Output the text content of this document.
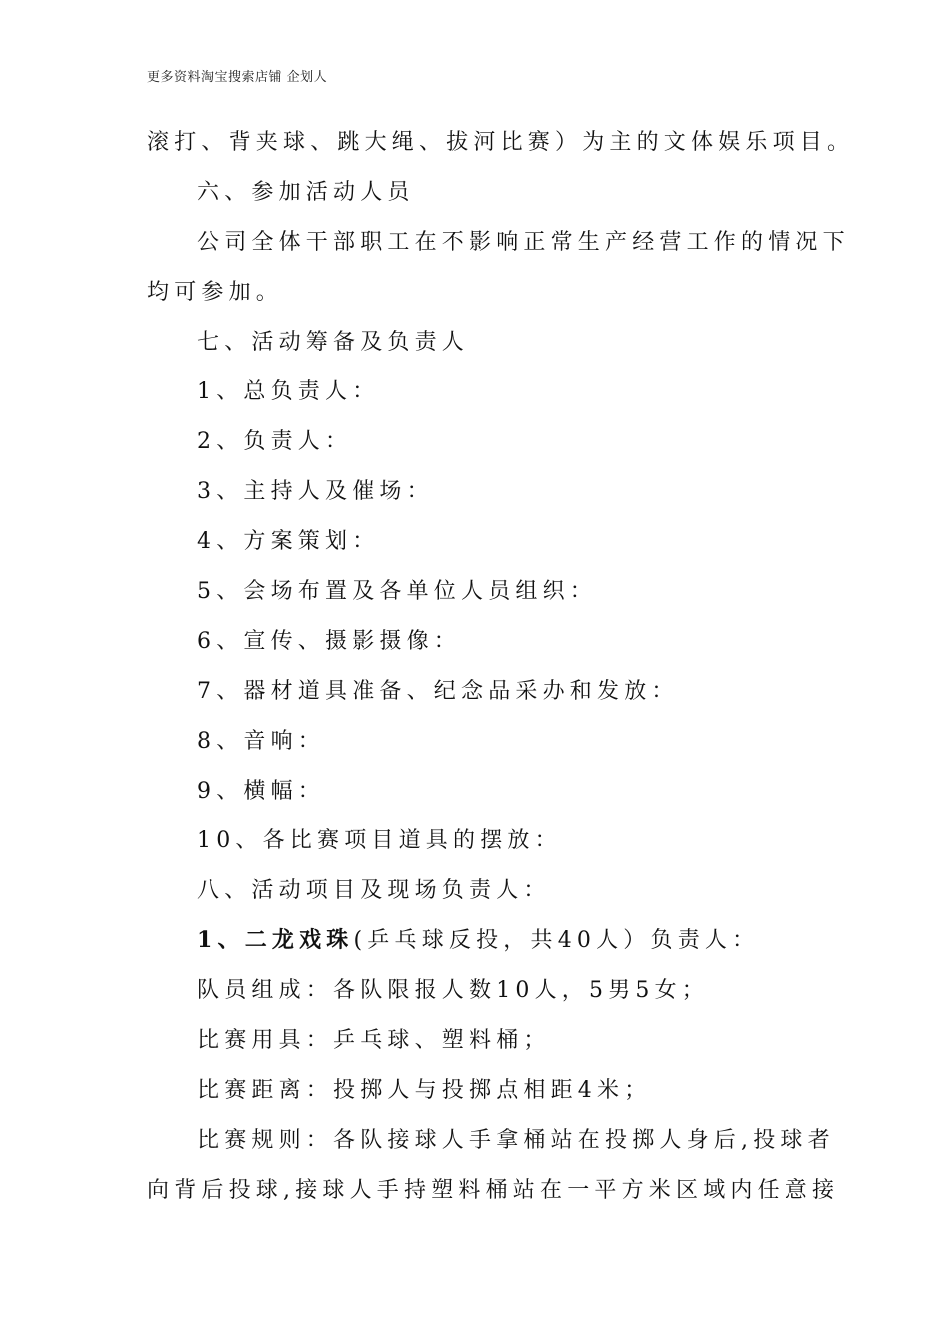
更多资料淘宝搜索店铺 企划人
滚打、背夹球、跳大绳、拔河比赛）为主的文体娱乐项目。
六、参加活动人员
公司全体干部职工在不影响正常生产经营工作的情况下
均可参加。
七、活动筹备及负责人
1、总负责人：
2、负责人：
3、主持人及催场：
4、方案策划：
5、会场布置及各单位人员组织：
6、宣传、摄影摄像：
7、器材道具准备、纪念品采办和发放：
8、音响：
9、横幅：
10、各比赛项目道具的摆放：
八、活动项目及现场负责人：
1、二龙戏珠(乒乓球反投，共40人）负责人：
队员组成：各队限报人数10人，5男5女；
比赛用具：乒乓球、塑料桶；
比赛距离：投掷人与投掷点相距4米；
比赛规则：各队接球人手拿桶站在投掷人身后,投球者
向背后投球,接球人手持塑料桶站在一平方米区域内任意接
